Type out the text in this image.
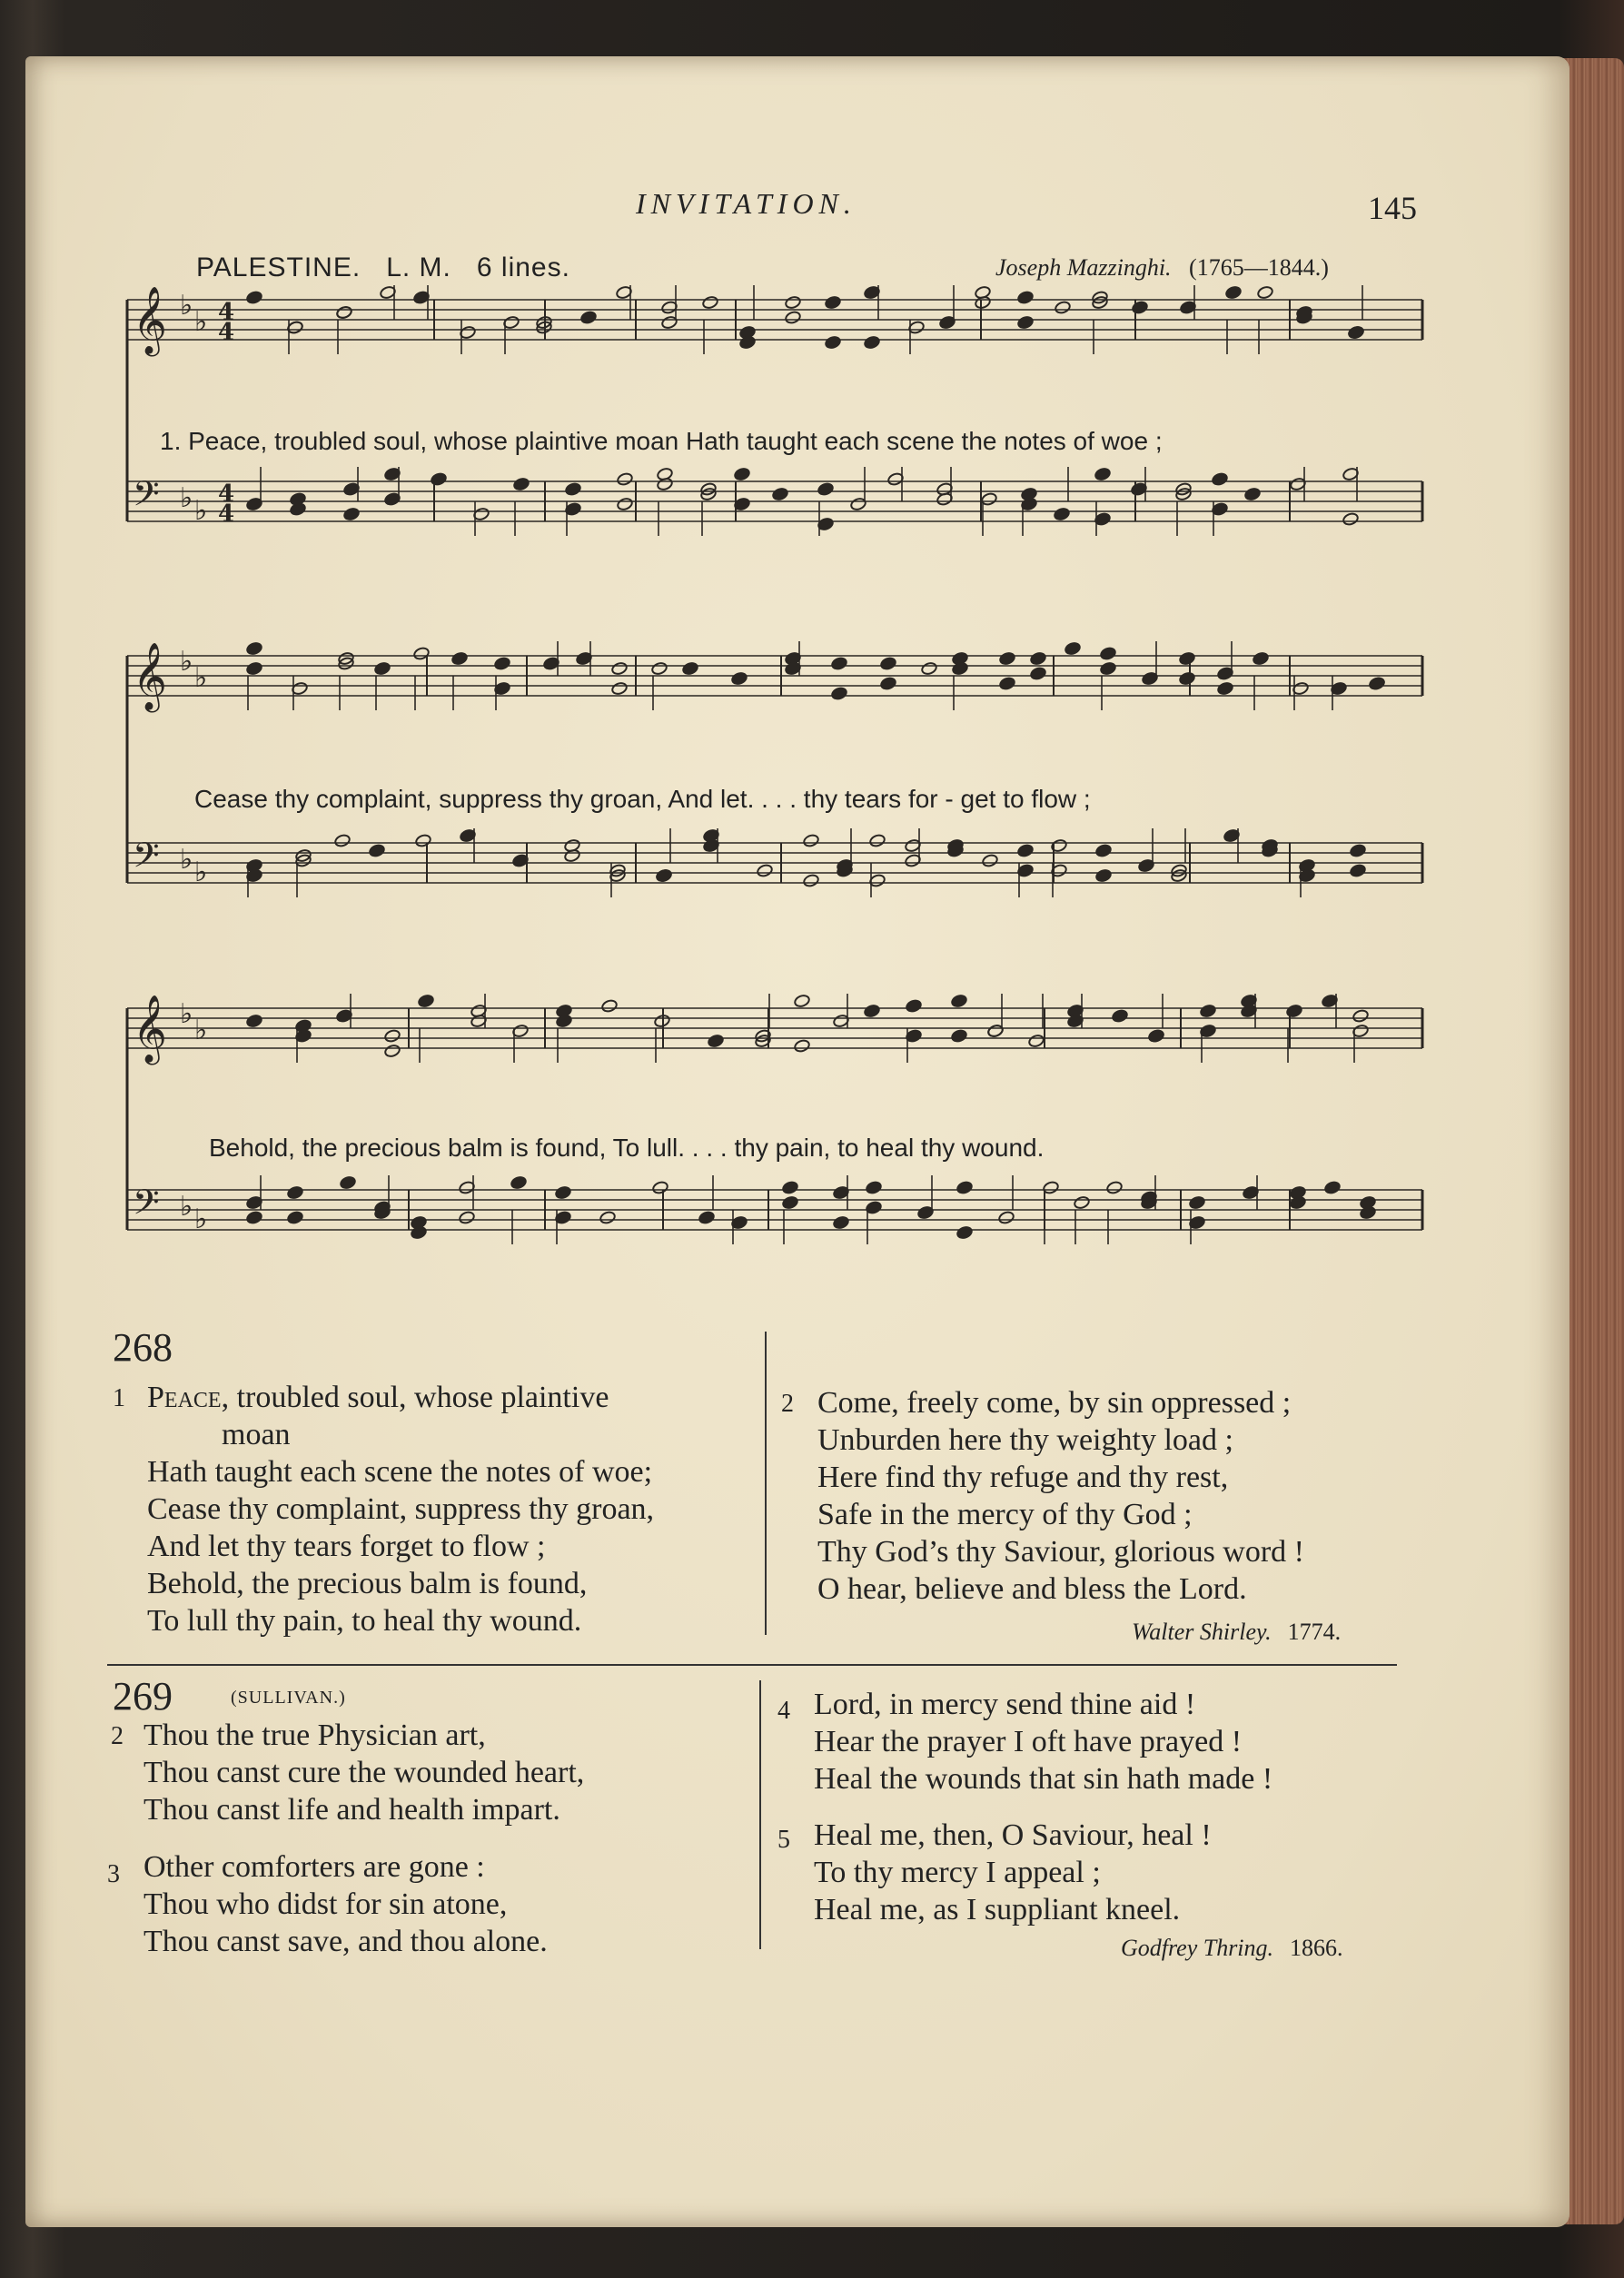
INVITATION.	145
PALESTINE. L. M. 6 lines.	Joseph Mazzinghi. (1765—1844.)
𝄞 ♭
♭ 4
4
𝄢 ♭ ♭
4
4
𝄞 ♭
♭
𝄢 ♭ ♭
𝄞 ♭
♭
𝄢 ♭ ♭
1. Peace, troubled soul, whose plaintive moan Hath taught each scene the notes of woe ;
Cease thy complaint, suppress thy groan, And let. . . . thy tears for - get to flow ;
Behold, the precious balm is found, To lull. . . . thy pain, to heal thy wound.
268
1 Peace, troubled soul, whose plaintive
moan
Hath taught each scene the notes of woe;
Cease thy complaint, suppress thy groan,
And let thy tears forget to flow ;
Behold, the precious balm is found,
To lull thy pain, to heal thy wound.
2 Come, freely come, by sin oppressed ;
Unburden here thy weighty load ;
Here find thy refuge and thy rest,
Safe in the mercy of thy God ;
Thy God’s thy Saviour, glorious word !
O hear, believe and bless the Lord.
Walter Shirley. 1774.
269	(SULLIVAN.)
2 Thou the true Physician art,
Thou canst cure the wounded heart,
Thou canst life and health impart.
3 Other comforters are gone :
Thou who didst for sin atone,
Thou canst save, and thou alone.
4 Lord, in mercy send thine aid !
Hear the prayer I oft have prayed !
Heal the wounds that sin hath made !
5 Heal me, then, O Saviour, heal !
To thy mercy I appeal ;
Heal me, as I suppliant kneel.
Godfrey Thring. 1866.
